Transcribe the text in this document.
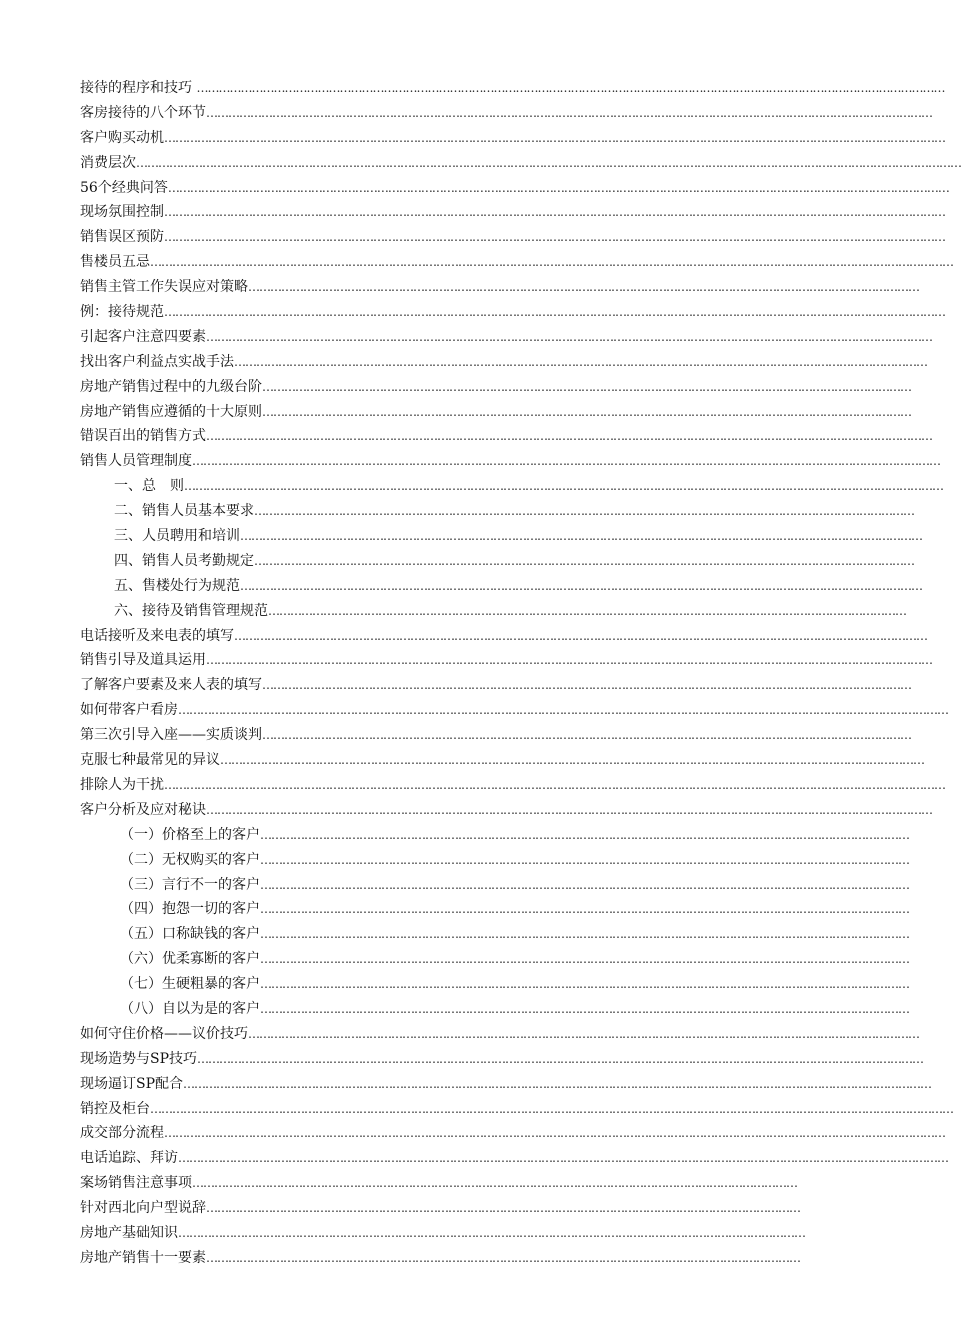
接待的程序和技巧 ……………………………………………………………………………………………………………………………………………………………………………………
客房接待的八个环节 ………………………………………………………………………………………………………………………………………………………………………………
客户购买动机 ……………………………………………………………………………………………………………………………………………………………………………………………
消费层次 ………………………………………………………………………………………………………………………………………………………………………………………………………
56个经典问答 ……………………………………………………………………………………………………………………………………………………………………………………………
现场氛围控制 ……………………………………………………………………………………………………………………………………………………………………………………………
销售误区预防 ……………………………………………………………………………………………………………………………………………………………………………………………
售楼员五忌 …………………………………………………………………………………………………………………………………………………………………………………………………
销售主管工作失误应对策略 …………………………………………………………………………………………………………………………………………………………………
例：接待规范 ……………………………………………………………………………………………………………………………………………………………………………………………
引起客户注意四要素 ………………………………………………………………………………………………………………………………………………………………………………
找出客户利益点实战手法 ………………………………………………………………………………………………………………………………………………………………………
房地产销售过程中的九级台阶 ……………………………………………………………………………………………………………………………………………………………
房地产销售应遵循的十大原则 ……………………………………………………………………………………………………………………………………………………………
错误百出的销售方式 ………………………………………………………………………………………………………………………………………………………………………………
销售人员管理制度 ……………………………………………………………………………………………………………………………………………………………………………………
一、总　则 ………………………………………………………………………………………………………………………………………………………………………………………
二、销售人员基本要求 ………………………………………………………………………………………………………………………………………………………………
三、人员聘用和培训 ……………………………………………………………………………………………………………………………………………………………………
四、销售人员考勤规定 ………………………………………………………………………………………………………………………………………………………………
五、售楼处行为规范 ……………………………………………………………………………………………………………………………………………………………………
六、接待及销售管理规范 …………………………………………………………………………………………………………………………………………………………
电话接听及来电表的填写 ………………………………………………………………………………………………………………………………………………………………………
销售引导及道具运用 ………………………………………………………………………………………………………………………………………………………………………………
了解客户要素及来人表的填写 ……………………………………………………………………………………………………………………………………………………………
如何带客户看房 …………………………………………………………………………………………………………………………………………………………………………………………
第三次引导入座——实质谈判 ……………………………………………………………………………………………………………………………………………………………
克服七种最常见的异议 …………………………………………………………………………………………………………………………………………………………………………
排除人为干扰 ……………………………………………………………………………………………………………………………………………………………………………………………
客户分析及应对秘诀 ………………………………………………………………………………………………………………………………………………………………………………
（一）价格至上的客户 ……………………………………………………………………………………………………………………………………………………………
（二）无权购买的客户 ……………………………………………………………………………………………………………………………………………………………
（三）言行不一的客户 ……………………………………………………………………………………………………………………………………………………………
（四）抱怨一切的客户 ……………………………………………………………………………………………………………………………………………………………
（五）口称缺钱的客户 ……………………………………………………………………………………………………………………………………………………………
（六）优柔寡断的客户 ……………………………………………………………………………………………………………………………………………………………
（七）生硬粗暴的客户 ……………………………………………………………………………………………………………………………………………………………
（八）自以为是的客户 ……………………………………………………………………………………………………………………………………………………………
如何守住价格——议价技巧 …………………………………………………………………………………………………………………………………………………………………
现场造势与SP技巧 ………………………………………………………………………………………………………………………………………………………………………………
现场逼订SP配合 ……………………………………………………………………………………………………………………………………………………………………………………
销控及柜台 …………………………………………………………………………………………………………………………………………………………………………………………………
成交部分流程 ……………………………………………………………………………………………………………………………………………………………………………………………
电话追踪、拜访 …………………………………………………………………………………………………………………………………………………………………………………………
案场销售注意事项 …………………………………………………………………………………………………………………………………………………
针对西北向户型说辞 ………………………………………………………………………………………………………………………………………………
房地产基础知识 ………………………………………………………………………………………………………………………………………………………
房地产销售十一要素 ………………………………………………………………………………………………………………………………………………
